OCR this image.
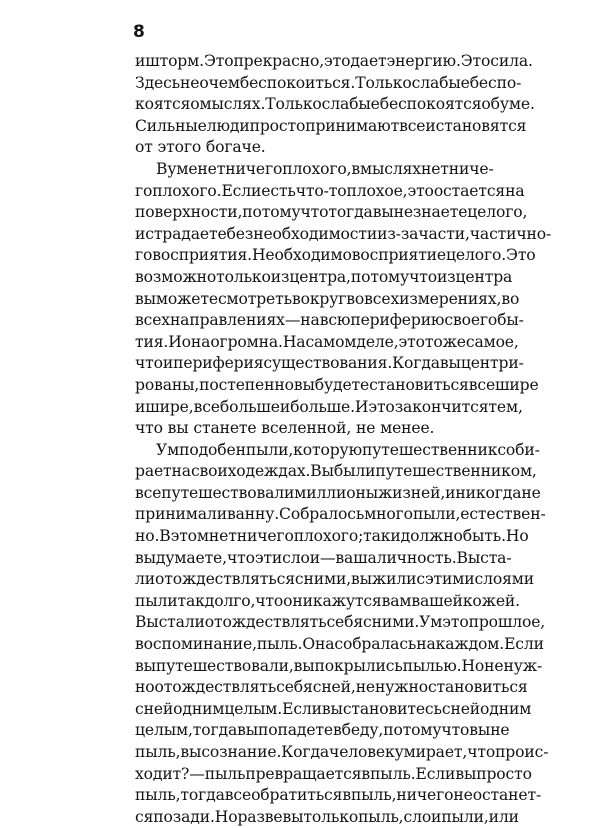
8
и шторм. Это прекрасно, это дает энергию. Это сила.
Здесь не о чем беспокоиться. Только слабые беспо-
коятся о мыслях. Только слабые беспокоятся об уме.
Сильные люди просто принимают все и становятся
от этого богаче.
В уме нет ничего плохого, в мыслях нет ниче-
го плохого. Если есть что-то плохое, это остается на
поверхности, потому что тогда вы не знаете целого,
и страдаете без необходимости из-за части, частично-
го восприятия. Необходимо восприятие целого. Это
возможно только из центра, потому что из центра
вы можете смотреть вокруг во всех измерениях, во
всех направлениях — на всю периферию своего бы-
тия. И она огромна. На самом деле, это то же самое,
что и периферия существования. Когда вы центри-
рованы, постепенно вы будете становиться все шире
и шире, все больше и больше. И это закончится тем,
что вы станете вселенной, не менее.
Ум подобен пыли, которую путешественник соби-
рает на своих одеждах. Вы были путешественником,
все путешествовали миллионы жизней, и никогда не
принимали ванну. Собралось много пыли, естествен-
но. В этом нет ничего плохого; так и должно быть. Но
вы думаете, что эти слои — ваша личность. Вы ста-
ли отождествляться с ними, вы жили с этими слоями
пыли так долго, что они кажутся вам вашей кожей.
Вы стали отождествлять себя с ними. Ум это прошлое,
воспоминание, пыль. Она собралась на каждом. Если
вы путешествовали, вы покрылись пылью. Но не нуж-
но отождествлять себя с ней, не нужно становиться
с ней одним целым. Если вы становитесь с ней одним
целым, тогда вы попадете в беду, потому что вы не
пыль, вы сознание. Когда человек умирает, что проис-
ходит? — пыль превращается в пыль. Если вы просто
пыль, тогда все обратиться в пыль, ничего не останет-
ся позади. Но разве вы только пыль, слои пыли, или
